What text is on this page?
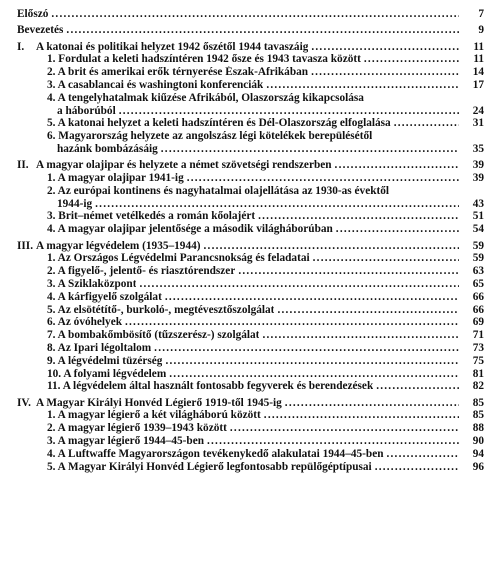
Előszó .....	7
Bevezetés .....	9
I.	A katonai és politikai helyzet 1942 őszétől 1944 tavaszáig .....	11
1. Fordulat a keleti hadszíntéren 1942 ősze és 1943 tavasza között .....	11
2. A brit és amerikai erők térnyerése Észak-Afrikában .....	14
3. A casablancai és washingtoni konferenciák .....	17
4. A tengelyhatalmak kiűzése Afrikából, Olaszország kikapcsolása
a háborúból .....	24
5. A katonai helyzet a keleti hadszíntéren és Dél-Olaszország elfoglalása .....	31
6. Magyarország helyzete az angolszász légi kötelékek berepülésétől
hazánk bombázásáig .....	35
II. A magyar olajipar és helyzete a német szövetségi rendszerben .....	39
1. A magyar olajipar 1941-ig .....	39
2. Az európai kontinens és nagyhatalmai olajellátása az 1930-as évektől
1944-ig .....	43
3. Brit–német vetélkedés a román kőolajért .....	51
4. A magyar olajipar jelentősége a második világháborúban .....	54
III. A magyar légvédelem (1935–1944) .....	59
1. Az Országos Légvédelmi Parancsnokság és feladatai .....	59
2. A figyelő-, jelentő- és riasztórendszer .....	63
3. A Sziklaközpont .....	65
4. A kárfigyelő szolgálat .....	66
5. Az elsötétítő-, burkoló-, megtévesztőszolgálat .....	66
6. Az óvóhelyek .....	69
7. A bombakőmbösítő (tűzszerész-) szolgálat .....	71
8. Az Ipari légoltalom .....	73
9. A légvédelmi tüzérség .....	75
10. A folyami légvédelem .....	81
11. A légvédelem által használt fontosabb fegyverek és berendezések .....	82
IV. A Magyar Királyi Honvéd Légierő 1919-től 1945-ig .....	85
1. A magyar légierő a két világháború között .....	85
2. A magyar légierő 1939–1943 között .....	88
3. A magyar légierő 1944–45-ben .....	90
4. A Luftwaffe Magyarországon tevékenykedő alakulatai 1944–45-ben .....	94
5. A Magyar Királyi Honvéd Légierő legfontosabb repülőgéptípusai .....	96
